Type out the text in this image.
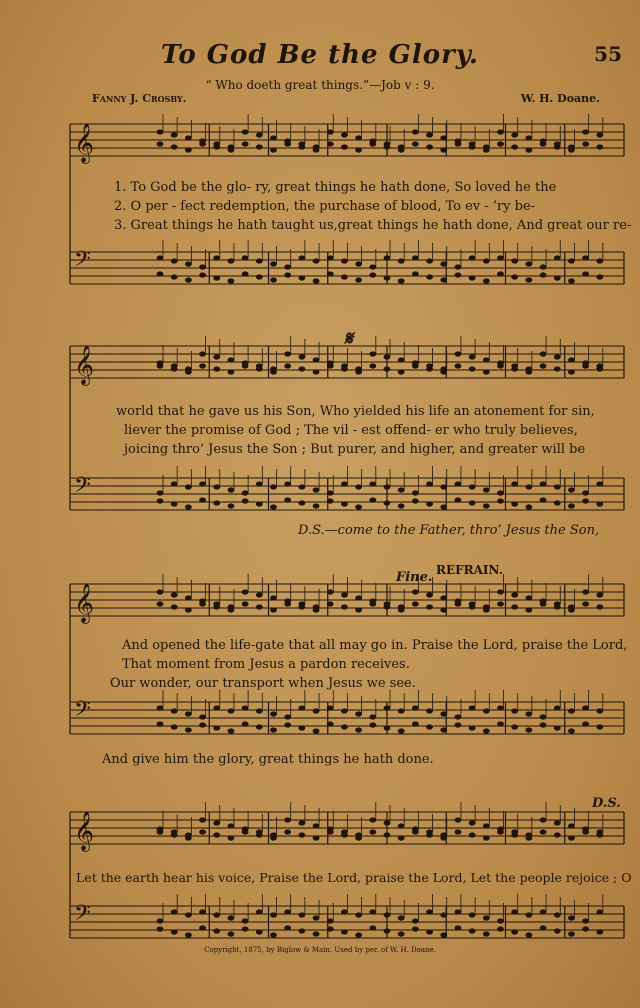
To God Be the Glory.	55
“ Who doeth great things.”—Job v : 9.
Fanny J. Crosby.	W. H. Doane.
𝄞
𝄢
𝄞
𝄢
𝄞
𝄢
𝄞
𝄢
1. To God be the glo- ry, great things he hath done, So loved he the
2. O per - fect redemption, the purchase of blood, To ev - ’ry be-
3. Great things he hath taught us,great things he hath done, And great our re-
𝄋
world that he gave us his Son, Who yielded his life an atonement for sin,
liever the promise of God ; The vil - est offend- er who truly believes,
joicing thro’ Jesus the Son ; But purer, and higher, and greater will be
D.S.—come to the Father, thro’ Jesus the Son,
Fine. REFRAIN.
And opened the life-gate that all may go in. Praise the Lord, praise the Lord,
That moment from Jesus a pardon receives.
Our wonder, our transport when Jesus we see.
And give him the glory, great things he hath done.
D.S.
Let the earth hear his voice, Praise the Lord, praise the Lord, Let the people rejoice ; O
Copyright, 1875, by Biglow & Main. Used by per. of W. H. Doane.
